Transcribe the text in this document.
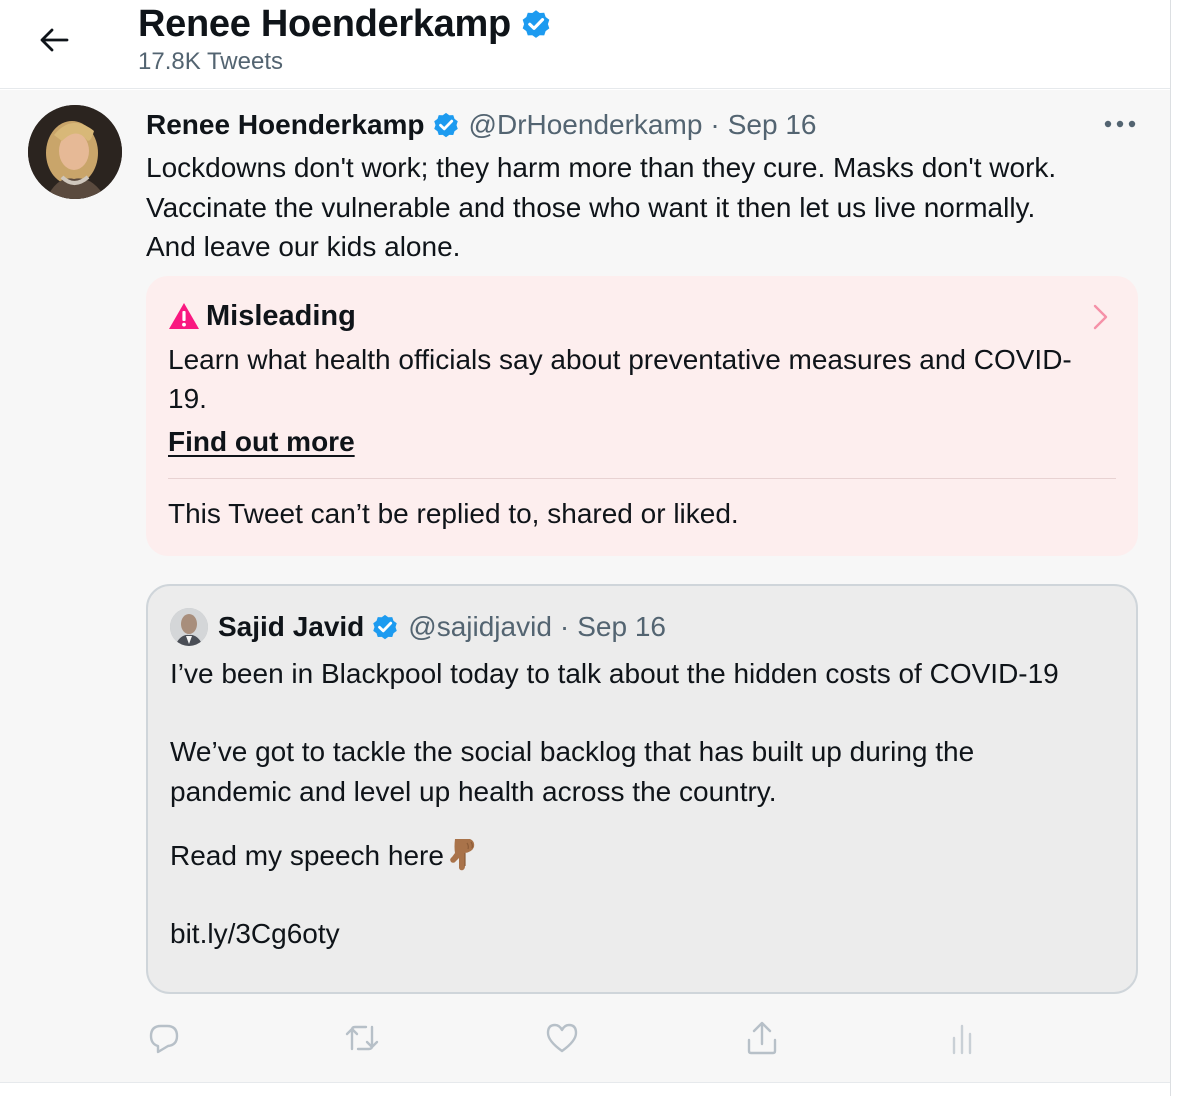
Renee Hoenderkamp
17.8K Tweets
Renee Hoenderkamp @DrHoenderkamp · Sep 16
Lockdowns don't work; they harm more than they cure. Masks don't work.
Vaccinate the vulnerable and those who want it then let us live normally.
And leave our kids alone.
Misleading
Learn what health officials say about preventative measures and COVID-19.
Find out more
This Tweet can’t be replied to, shared or liked.
Sajid Javid @sajidjavid · Sep 16
I’ve been in Blackpool today to talk about the hidden costs of COVID-19
We’ve got to tackle the social backlog that has built up during the
pandemic and level up health across the country.
Read my speech here
bit.ly/3Cg6oty
